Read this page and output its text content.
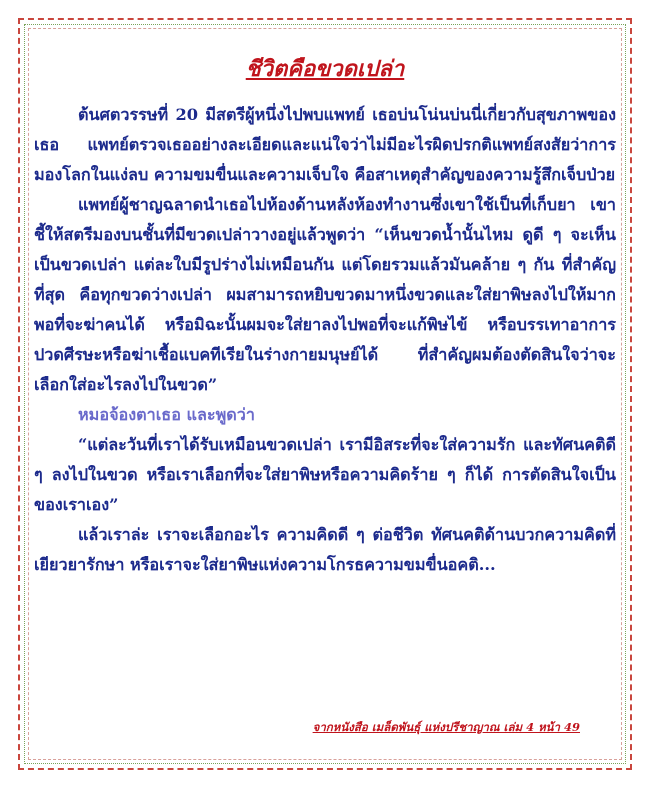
ชีวิตคือขวดเปล่า

ต้นศตวรรษที่ 20 มีสตรีผู้หนึ่งไปพบแพทย์ เธอบ่นโน่นบ่นนี่เกี่ยวกับสุขภาพของเธอ แพทย์ตรวจเธออย่างละเอียดและแน่ใจว่าไม่มีอะไรผิดปรกติแพทย์สงสัยว่าการมองโลกในแง่ลบ ความขมขื่นและความเจ็บใจ คือสาเหตุสำคัญของความรู้สึกเจ็บป่วย

แพทย์ผู้ชาญฉลาดนำเธอไปห้องด้านหลังห้องทำงานซึ่งเขาใช้เป็นที่เก็บยา เขาชี้ให้สตรีมองบนชั้นที่มีขวดเปล่าวางอยู่แล้วพูดว่า “เห็นขวดน้ำนั้นไหม ดูดี ๆ จะเห็นเป็นขวดเปล่า แต่ละใบมีรูปร่างไม่เหมือนกัน แต่โดยรวมแล้วมันคล้าย ๆ กัน ที่สำคัญที่สุด คือทุกขวดว่างเปล่า ผมสามารถหยิบขวดมาหนึ่งขวดและใส่ยาพิษลงไปให้มากพอที่จะฆ่าคนได้ หรือมิฉะนั้นผมจะใส่ยาลงไปพอที่จะแก้พิษไข้ หรือบรรเทาอาการปวดศีรษะหรือฆ่าเชื้อแบคทีเรียในร่างกายมนุษย์ได้ ที่สำคัญผมต้องตัดสินใจว่าจะเลือกใส่อะไรลงไปในขวด”

หมอจ้องตาเธอ และพูดว่า

“แต่ละวันที่เราได้รับเหมือนขวดเปล่า เรามีอิสระที่จะใส่ความรัก และทัศนคติดี ๆ ลงไปในขวด หรือเราเลือกที่จะใส่ยาพิษหรือความคิดร้าย ๆ ก็ได้ การตัดสินใจเป็นของเราเอง”

แล้วเราล่ะ เราจะเลือกอะไร ความคิดดี ๆ ต่อชีวิต ทัศนคติด้านบวกความคิดที่เยียวยารักษา หรือเราจะใส่ยาพิษแห่งความโกรธความขมขื่นอคติ...

จากหนังสือ เมล็ดพันธุ์ แห่งปรีชาญาณ เล่ม 4 หน้า 49
